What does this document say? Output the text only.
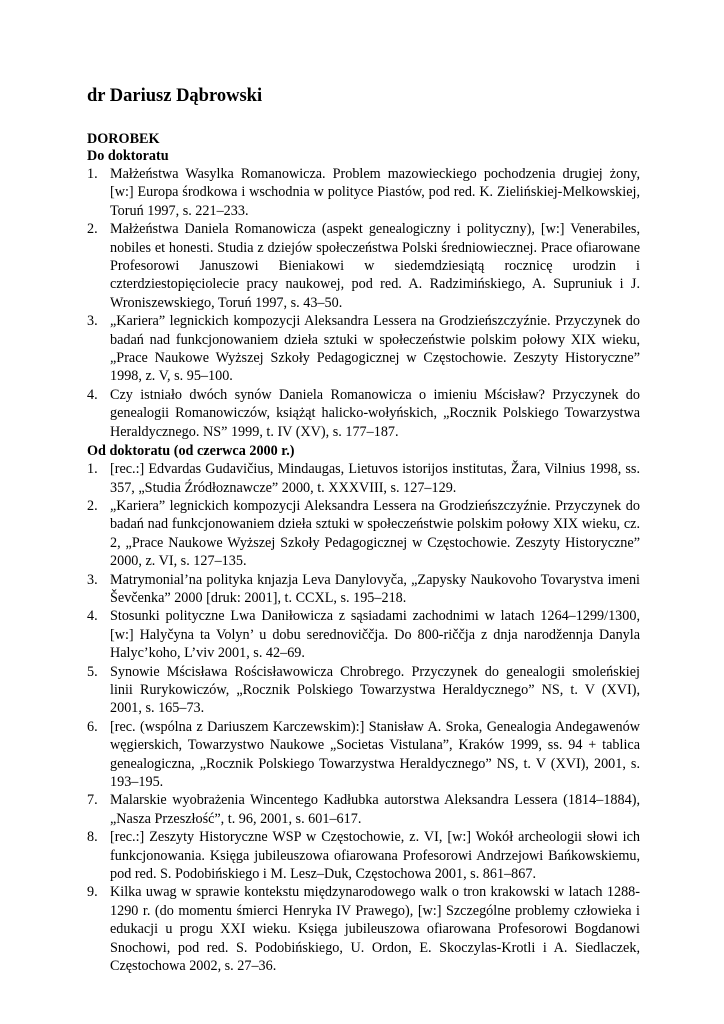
dr Dariusz Dąbrowski
DOROBEK
Do doktoratu
1. Małżeństwa Wasylka Romanowicza. Problem mazowieckiego pochodzenia drugiej żony, [w:] Europa środkowa i wschodnia w polityce Piastów, pod red. K. Zielińskiej-Melkowskiej, Toruń 1997, s. 221–233.
2. Małżeństwa Daniela Romanowicza (aspekt genealogiczny i polityczny), [w:] Venerabiles, nobiles et honesti. Studia z dziejów społeczeństwa Polski średniowiecznej. Prace ofiarowane Profesorowi Januszowi Bieniakowi w siedemdziesiątą rocznicę urodzin i czterdziestopięciolecie pracy naukowej, pod red. A. Radzimińskiego, A. Supruniuk i J. Wroniszewskiego, Toruń 1997, s. 43–50.
3. „Kariera” legnickich kompozycji Aleksandra Lessera na Grodzieńszczyźnie. Przyczynek do badań nad funkcjonowaniem dzieła sztuki w społeczeństwie polskim połowy XIX wieku, „Prace Naukowe Wyższej Szkoły Pedagogicznej w Częstochowie. Zeszyty Historyczne” 1998, z. V, s. 95–100.
4. Czy istniało dwóch synów Daniela Romanowicza o imieniu Mścisław? Przyczynek do genealogii Romanowiczów, książąt halicko-wołyńskich, „Rocznik Polskiego Towarzystwa Heraldycznego. NS” 1999, t. IV (XV), s. 177–187.
Od doktoratu (od czerwca 2000 r.)
1. [rec.:] Edvardas Gudavičius, Mindaugas, Lietuvos istorijos institutas, Žara, Vilnius 1998, ss. 357, „Studia Źródłoznawcze” 2000, t. XXXVIII, s. 127–129.
2. „Kariera” legnickich kompozycji Aleksandra Lessera na Grodzieńszczyźnie. Przyczynek do badań nad funkcjonowaniem dzieła sztuki w społeczeństwie polskim połowy XIX wieku, cz. 2, „Prace Naukowe Wyższej Szkoły Pedagogicznej w Częstochowie. Zeszyty Historyczne” 2000, z. VI, s. 127–135.
3. Matrymonial’na polityka knjazja Leva Danylovyča, „Zapysky Naukovoho Tovarystva imeni Ševčenka” 2000 [druk: 2001], t. CCXL, s. 195–218.
4. Stosunki polityczne Lwa Daniłowicza z sąsiadami zachodnimi w latach 1264–1299/1300, [w:] Halyčyna ta Volyn’ u dobu serednoviččja. Do 800-riččja z dnja narodžennja Danyla Halyc’koho, L’viv 2001, s. 42–69.
5. Synowie Mścisława Rościsławowicza Chrobrego. Przyczynek do genealogii smoleńskiej linii Rurykowiczów, „Rocznik Polskiego Towarzystwa Heraldycznego” NS, t. V (XVI), 2001, s. 165–73.
6. [rec. (wspólna z Dariuszem Karczewskim):] Stanisław A. Sroka, Genealogia Andegawenów węgierskich, Towarzystwo Naukowe „Societas Vistulana”, Kraków 1999, ss. 94 + tablica genealogiczna, „Rocznik Polskiego Towarzystwa Heraldycznego” NS, t. V (XVI), 2001, s. 193–195.
7. Malarskie wyobrażenia Wincentego Kadłubka autorstwa Aleksandra Lessera (1814–1884), „Nasza Przeszłość”, t. 96, 2001, s. 601–617.
8. [rec.:] Zeszyty Historyczne WSP w Częstochowie, z. VI, [w:] Wokół archeologii słowi ich funkcjonowania. Księga jubileuszowa ofiarowana Profesorowi Andrzejowi Bańkowskiemu, pod red. S. Podobińskiego i M. Lesz–Duk, Częstochowa 2001, s. 861–867.
9. Kilka uwag w sprawie kontekstu międzynarodowego walk o tron krakowski w latach 1288-1290 r. (do momentu śmierci Henryka IV Prawego), [w:] Szczególne problemy człowieka i edukacji u progu XXI wieku. Księga jubileuszowa ofiarowana Profesorowi Bogdanowi Snochowi, pod red. S. Podobińskiego, U. Ordon, E. Skoczylas-Krotli i A. Siedlaczek, Częstochowa 2002, s. 27–36.
